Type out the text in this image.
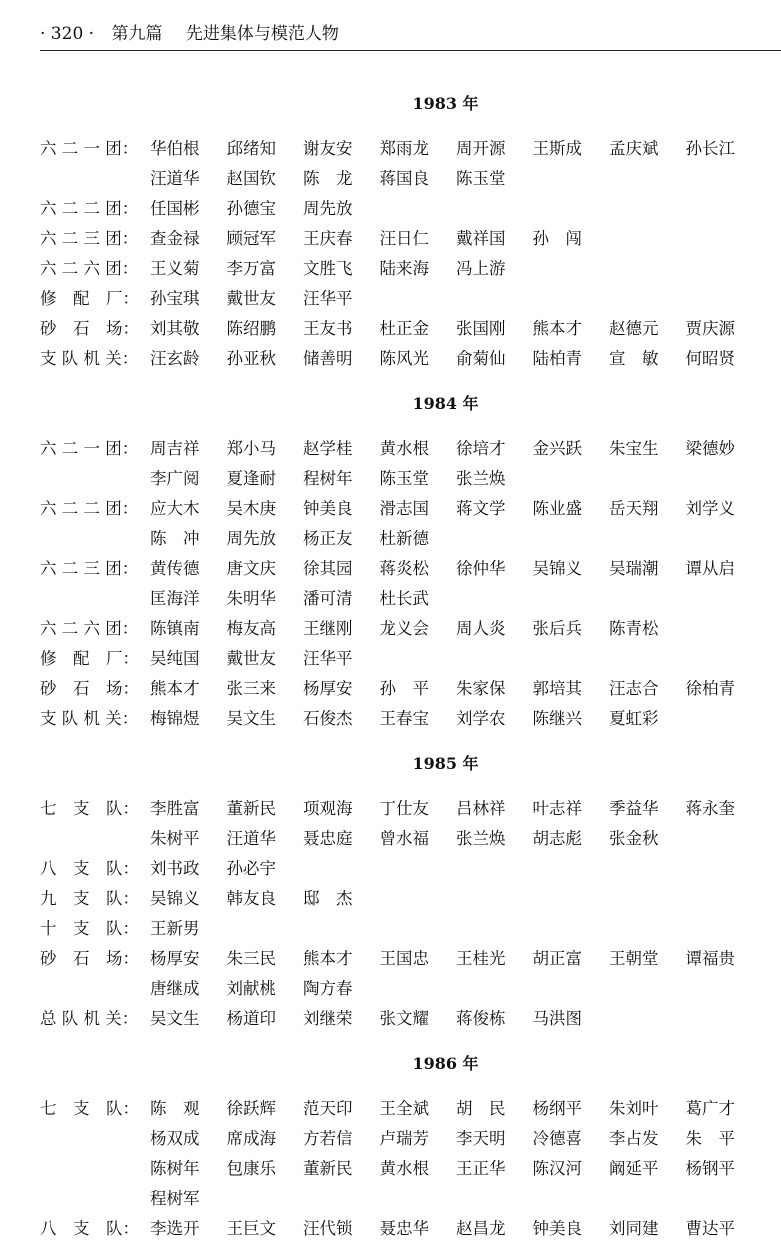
· 320 · 第九篇 先进集体与模范人物
1983 年
六 二 一 团： 华伯根	邱绪知	谢友安	郑雨龙	周开源	王斯成	孟庆斌	孙长江
汪道华	赵国钦	陈　龙	蒋国良	陈玉堂
六 二 二 团： 任国彬	孙德宝	周先放
六 二 三 团： 查金禄	顾冠军	王庆春	汪日仁	戴祥国	孙　闯
六 二 六 团： 王义菊	李万富	文胜飞	陆来海	冯上游
修　配　厂： 孙宝琪	戴世友	汪华平
砂　石　场： 刘其敬	陈绍鹏	王友书	杜正金	张国刚	熊本才	赵德元	贾庆源
支 队 机 关： 汪玄龄	孙亚秋	储善明	陈风光	俞菊仙	陆柏青	宣　敏	何昭贤
1984 年
六 二 一 团： 周吉祥	郑小马	赵学桂	黄水根	徐培才	金兴跃	朱宝生	梁德妙
李广阅	夏逢耐	程树年	陈玉堂	张兰焕
六 二 二 团： 应大木	吴木庚	钟美良	滑志国	蒋文学	陈业盛	岳天翔	刘学义
陈　冲	周先放	杨正友	杜新德
六 二 三 团： 黄传德	唐文庆	徐其园	蒋炎松	徐仲华	吴锦义	吴瑞潮	谭从启
匡海洋	朱明华	潘可清	杜长武
六 二 六 团： 陈镇南	梅友高	王继刚	龙义会	周人炎	张后兵	陈青松
修　配　厂： 吴纯国	戴世友	汪华平
砂　石　场： 熊本才	张三来	杨厚安	孙　平	朱家保	郭培其	汪志合	徐柏青
支 队 机 关： 梅锦煜	吴文生	石俊杰	王春宝	刘学农	陈继兴	夏虹彩
1985 年
七　支　队： 李胜富	董新民	项观海	丁仕友	吕林祥	叶志祥	季益华	蒋永奎
朱树平	汪道华	聂忠庭	曾水福	张兰焕	胡志彪	张金秋
八　支　队： 刘书政	孙必宇
九　支　队： 吴锦义	韩友良	邸　杰
十　支　队： 王新男
砂　石　场： 杨厚安	朱三民	熊本才	王国忠	王桂光	胡正富	王朝堂	谭福贵
唐继成	刘献桃	陶方春
总 队 机 关： 吴文生	杨道印	刘继荣	张文耀	蒋俊栋	马洪图
1986 年
七　支　队： 陈　观	徐跃辉	范天印	王全斌	胡　民	杨纲平	朱刘叶	葛广才
杨双成	席成海	方若信	卢瑞芳	李天明	冷德喜	李占发	朱　平
陈树年	包康乐	董新民	黄水根	王正华	陈汉河	阚延平	杨钢平
程树军
八　支　队： 李选开	王巨文	汪代锁	聂忠华	赵昌龙	钟美良	刘同建	曹达平
